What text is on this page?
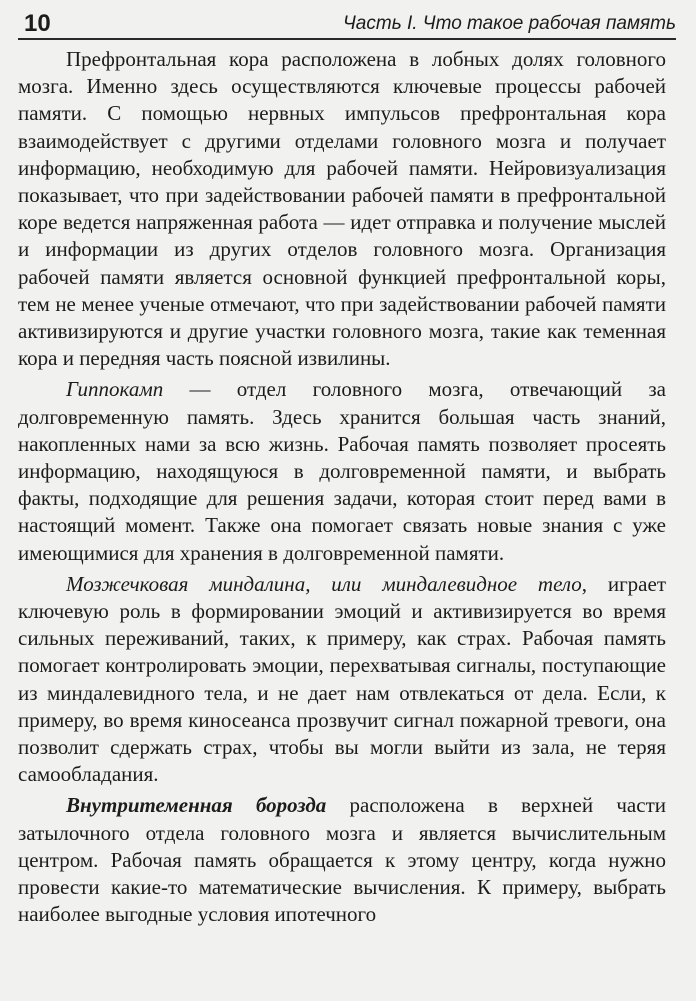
10	Часть I. Что такое рабочая память

Префронтальная кора расположена в лобных долях головного мозга. Именно здесь осуществляются ключевые процессы рабочей памяти. С помощью нервных импульсов префронтальная кора взаимодействует с другими отделами головного мозга и получает информацию, необходимую для рабочей памяти. Нейровизуализация показывает, что при задействовании рабочей памяти в префронтальной коре ведется напряженная работа — идет отправка и получение мыслей и информации из других отделов головного мозга. Организация рабочей памяти является основной функцией префронтальной коры, тем не менее ученые отмечают, что при задействовании рабочей памяти активизируются и другие участки головного мозга, такие как теменная кора и передняя часть поясной извилины.

Гиппокамп — отдел головного мозга, отвечающий за долговременную память. Здесь хранится большая часть знаний, накопленных нами за всю жизнь. Рабочая память позволяет просеять информацию, находящуюся в долговременной памяти, и выбрать факты, подходящие для решения задачи, которая стоит перед вами в настоящий момент. Также она помогает связать новые знания с уже имеющимися для хранения в долговременной памяти.

Мозжечковая миндалина, или миндалевидное тело, играет ключевую роль в формировании эмоций и активизируется во время сильных переживаний, таких, к примеру, как страх. Рабочая память помогает контролировать эмоции, перехватывая сигналы, поступающие из миндалевидного тела, и не дает нам отвлекаться от дела. Если, к примеру, во время киносеанса прозвучит сигнал пожарной тревоги, она позволит сдержать страх, чтобы вы могли выйти из зала, не теряя самообладания.

Внутритеменная борозда расположена в верхней части затылочного отдела головного мозга и является вычислительным центром. Рабочая память обращается к этому центру, когда нужно провести какие-то математические вычисления. К примеру, выбрать наиболее выгодные условия ипотечного
